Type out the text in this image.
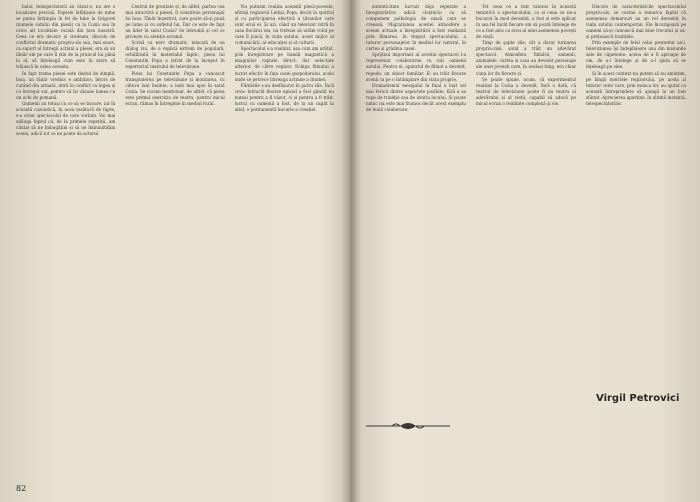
balul, telespectatorii au văzut-o, nu are o localizare precisă. Faptele înfățișate de mine se putea întâmpla în fel de bine la Grigorei (numele satului din piesă) ca la Cozia sau în orice alt localitate rurală din țara noastră. Ceea ce era decisiv și credeam, dincolo de conflictul dramatic propriu-zis sau, mai exact, ca suport al întregii acțiuni a piesei, era să un tânăr om pe care îl știe de la pruncul lui până la el, să înțeleagă cum este în stare să trăiască în valea aceasta.

În fapt trama piesei este destul de simplă. Iosa, un tânăr vrednic e ambițios, întors de curând din armată, intră în conflict cu legea și cu întregul sat, pentru că își văzuse lumea cu un ochi de pomană.

Oamenii au totuși cu ce să se bucure, iar în această cazuistică, în acea țesătură de fapte, s-a creat spectacolul de care vorbim. Voi mai adăuga faptul că, de la primele repetiții, am căutat să ne îmbogățim și să ne îmbunătățim scena, adică tot ce ne poate da actorul.

Centrul de greutate și, de altfel, partea cea mai atractivă a piesei, îl constituie personajul lui Iosa. Tânăr înzestrat, care poate să-și pună pe lume și cu sufletul lui. Dar ce este de fapt un lider în satul Cozia? Se întreabă și cel ce privește cu atenție ecranul.

Scrisă cu nerv dramatic, mișcată de un dialog viu, de o replică extrem de populară, echilibrată în materialul faptic, piesa lui Constantin Popa a intrat de la început în repertoriul teatrului de televiziune.

Piesa lui Constantin Popa a cunoscut transpunerea pe televiziune și montarea, cu câteva luni înainte, a ieșit mai apoi în satul Cozia. Se cuvine menționat, de altfel, că piesa este primul exercițiu de teatru, pentru micul ecran, rămas în întregime în mediul rural.

Nu puteam realiza această piesă-poveste, afirmă regizorul Letiția Popa, decât în spiritul și cu participarea efectivă a țăranilor care sunt eroii ei. Și azi, când un televizor intră în casa fiecărui om, nu trebuie să uităm rolul pe care îl joacă, în viața satului, acest mijloc al comunicării, al educației și al culturii.

Spectacolul s-a realizat, așa cum am arătat, prin înregistrare pe bandă magnetică a imaginilor captate direct, dar selectate ulterior, de către regizor. Echipa filmului a lucrat efectiv în fața casei gospodarului, acolo unde se petrece întreaga acțiune a dramei.

Filmările s-au desfășurat în patru zile. Încă ceva: întrucât fiecare episod a fost gândit nu numai pentru a fi văzut, ci și pentru a fi trăit, lucrul cu oamenii a fost, de la un capăt la altul, o permanentă bucurie a creației.

82

autenticitate lucruri deja repetate a înregistrărilor, adică «lozincă» ca să compunem psihologia de masă care se creează. Migrațiunea acestei atmosfere a scenei actuale a înregistrării a fost realizată prin filmarea, în timpul spectacolului, a tuturor personajelor în mediul lor natural, în curtea și grădina casei.

Sprijinul important al acestui spectacol l-a reprezentat colaborarea cu toți oamenii satului. Pentru ei, aparatul de filmat a devenit, repede, un obiect familiar. Ei au trăit fiecare scenă ca pe o întâmplare din viața proprie.

Dramatismul mesajului în final a luat cel mai fericit dintre aspectele posibile, fără a se rupe de tradiție sau de istoria locului. Și poate nimic nu este mai frumos decât acest exemplu de bună colaborare.

Tot ceea ce a fost valoros în această tentativă a spectacolului, ca și ceea ce ne-a bucurat în mod deosebit, a fost și este aplicat în așa fel încât fiecare om să poată înțelege de ce a fost ales ca erou al unei asemenea povești de viață.

Timp de şapte zile, cât a durat turnarea propriu-zisă, satul a trăit un adevărat spectacol. Atmosfera filmării, oamenii, animalele, curtea și casa au devenit personaje ale unei povești care, în același timp, era chiar viața lor de fiecare zi.

Se poate spune, acum, că experimentul realizat la Cozia a dovedit, încă o dată, că teatrul de televiziune poate fi un teatru al adevărului și al vieții, capabil să aducă pe micul ecran o realitate complexă și vie.

Dincolo de caracteristicile spectacolului propriu-zis, se cuvine a remarca faptul că asemenea demersuri au un rol deosebit în viața satului contemporan. Ele încurajează pe oameni să-și cunoască mai bine trecutul și să-și prețuiască tradițiile.

Prin exemple de felul celui prezentat aici, televiziunea își îndeplinește una din misiunile sale de căpetenie: aceea de a fi aproape de om, de a-l înțelege și de a-l ajuta să se înțeleagă pe sine.

Și în acest context nu putem să nu amintim, pe lângă meritele regizorului, pe acela al tuturor celor care, prin munca lor, au ajutat ca această întreprindere să ajungă la un bun sfârșit. Aprecierea aparține, în ultimă instanță, telespectatorilor.

Virgil Petrovici
